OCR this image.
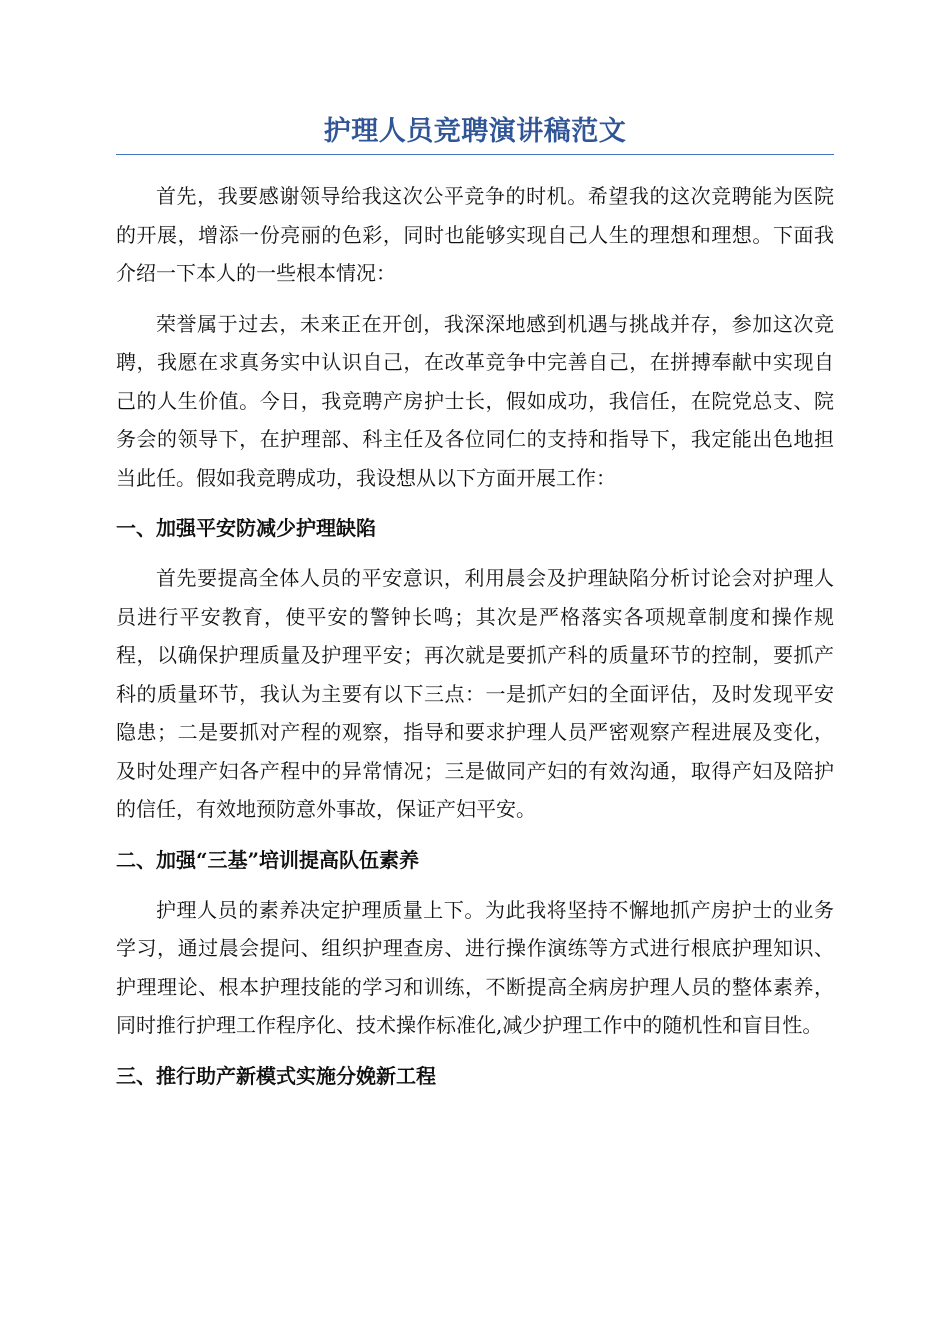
护理人员竞聘演讲稿范文

首先，我要感谢领导给我这次公平竞争的时机。希望我的这次竞聘能为医院的开展，增添一份亮丽的色彩，同时也能够实现自己人生的理想和理想。下面我介绍一下本人的一些根本情况：

荣誉属于过去，未来正在开创，我深深地感到机遇与挑战并存，参加这次竞聘，我愿在求真务实中认识自己，在改革竞争中完善自己，在拼搏奉献中实现自己的人生价值。今日，我竞聘产房护士长，假如成功，我信任，在院党总支、院务会的领导下，在护理部、科主任及各位同仁的支持和指导下，我定能出色地担当此任。假如我竞聘成功，我设想从以下方面开展工作：

一、加强平安防减少护理缺陷

首先要提高全体人员的平安意识，利用晨会及护理缺陷分析讨论会对护理人员进行平安教育，使平安的警钟长鸣；其次是严格落实各项规章制度和操作规程，以确保护理质量及护理平安；再次就是要抓产科的质量环节的控制，要抓产科的质量环节，我认为主要有以下三点：一是抓产妇的全面评估，及时发现平安隐患；二是要抓对产程的观察，指导和要求护理人员严密观察产程进展及变化，及时处理产妇各产程中的异常情况；三是做同产妇的有效沟通，取得产妇及陪护的信任，有效地预防意外事故，保证产妇平安。

二、加强“三基”培训提高队伍素养

护理人员的素养决定护理质量上下。为此我将坚持不懈地抓产房护士的业务学习，通过晨会提问、组织护理查房、进行操作演练等方式进行根底护理知识、护理理论、根本护理技能的学习和训练，不断提高全病房护理人员的整体素养，同时推行护理工作程序化、技术操作标准化,减少护理工作中的随机性和盲目性。

三、推行助产新模式实施分娩新工程
